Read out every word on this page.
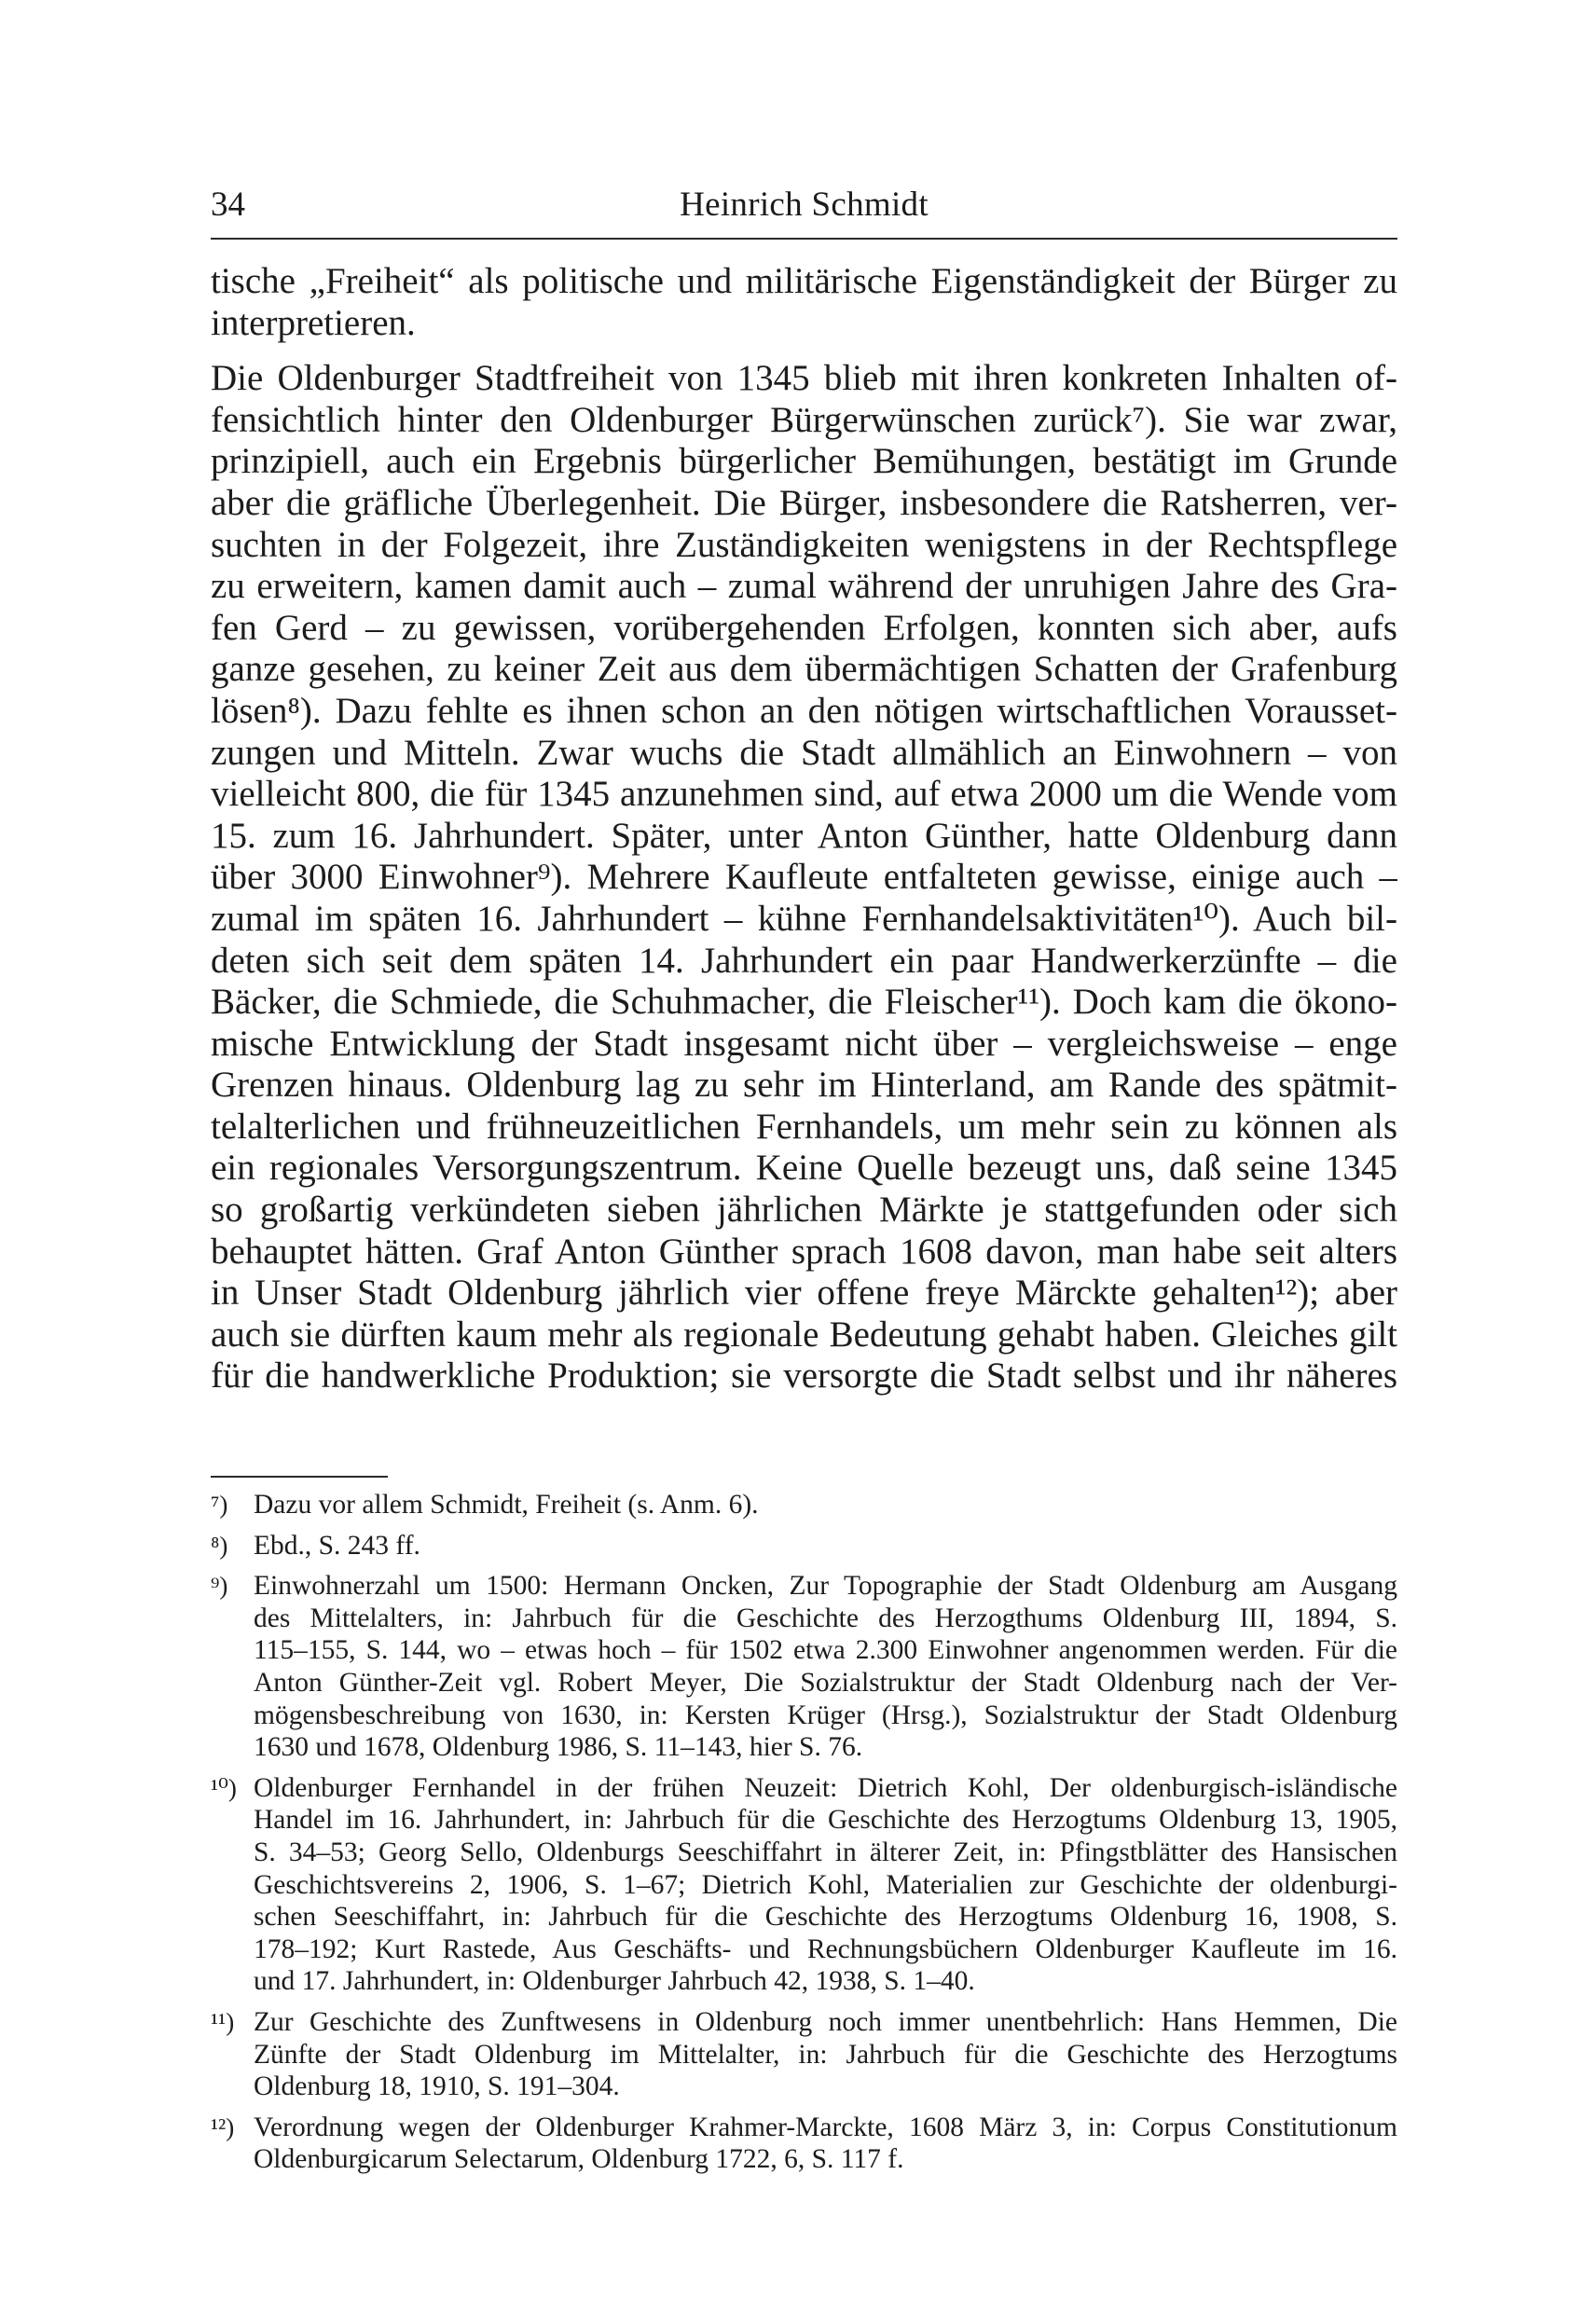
34	Heinrich Schmidt
tische „Freiheit“ als politische und militärische Eigenständigkeit der Bürger zu
interpretieren.
Die Oldenburger Stadtfreiheit von 1345 blieb mit ihren konkreten Inhalten of-
fensichtlich hinter den Oldenburger Bürgerwünschen zurück⁷). Sie war zwar,
prinzipiell, auch ein Ergebnis bürgerlicher Bemühungen, bestätigt im Grunde
aber die gräfliche Überlegenheit. Die Bürger, insbesondere die Ratsherren, ver-
suchten in der Folgezeit, ihre Zuständigkeiten wenigstens in der Rechtspflege
zu erweitern, kamen damit auch – zumal während der unruhigen Jahre des Gra-
fen Gerd – zu gewissen, vorübergehenden Erfolgen, konnten sich aber, aufs
ganze gesehen, zu keiner Zeit aus dem übermächtigen Schatten der Grafenburg
lösen⁸). Dazu fehlte es ihnen schon an den nötigen wirtschaftlichen Vorausset-
zungen und Mitteln. Zwar wuchs die Stadt allmählich an Einwohnern – von
vielleicht 800, die für 1345 anzunehmen sind, auf etwa 2000 um die Wende vom
15. zum 16. Jahrhundert. Später, unter Anton Günther, hatte Oldenburg dann
über 3000 Einwohner⁹). Mehrere Kaufleute entfalteten gewisse, einige auch –
zumal im späten 16. Jahrhundert – kühne Fernhandelsaktivitäten¹⁰). Auch bil-
deten sich seit dem späten 14. Jahrhundert ein paar Handwerkerzünfte – die
Bäcker, die Schmiede, die Schuhmacher, die Fleischer¹¹). Doch kam die ökono-
mische Entwicklung der Stadt insgesamt nicht über – vergleichsweise – enge
Grenzen hinaus. Oldenburg lag zu sehr im Hinterland, am Rande des spätmit-
telalterlichen und frühneuzeitlichen Fernhandels, um mehr sein zu können als
ein regionales Versorgungszentrum. Keine Quelle bezeugt uns, daß seine 1345
so großartig verkündeten sieben jährlichen Märkte je stattgefunden oder sich
behauptet hätten. Graf Anton Günther sprach 1608 davon, man habe seit alters
in Unser Stadt Oldenburg jährlich vier offene freye Märckte gehalten¹²); aber
auch sie dürften kaum mehr als regionale Bedeutung gehabt haben. Gleiches gilt
für die handwerkliche Produktion; sie versorgte die Stadt selbst und ihr näheres
⁷) Dazu vor allem Schmidt, Freiheit (s. Anm. 6).
⁸) Ebd., S. 243 ff.
⁹) Einwohnerzahl um 1500: Hermann Oncken, Zur Topographie der Stadt Oldenburg am Ausgang
des Mittelalters, in: Jahrbuch für die Geschichte des Herzogthums Oldenburg III, 1894, S.
115–155, S. 144, wo – etwas hoch – für 1502 etwa 2.300 Einwohner angenommen werden. Für die
Anton Günther-Zeit vgl. Robert Meyer, Die Sozialstruktur der Stadt Oldenburg nach der Ver-
mögensbeschreibung von 1630, in: Kersten Krüger (Hrsg.), Sozialstruktur der Stadt Oldenburg
1630 und 1678, Oldenburg 1986, S. 11–143, hier S. 76.
¹⁰) Oldenburger Fernhandel in der frühen Neuzeit: Dietrich Kohl, Der oldenburgisch-isländische
Handel im 16. Jahrhundert, in: Jahrbuch für die Geschichte des Herzogtums Oldenburg 13, 1905,
S. 34–53; Georg Sello, Oldenburgs Seeschiffahrt in älterer Zeit, in: Pfingstblätter des Hansischen
Geschichtsvereins 2, 1906, S. 1–67; Dietrich Kohl, Materialien zur Geschichte der oldenburgi-
schen Seeschiffahrt, in: Jahrbuch für die Geschichte des Herzogtums Oldenburg 16, 1908, S.
178–192; Kurt Rastede, Aus Geschäfts- und Rechnungsbüchern Oldenburger Kaufleute im 16.
und 17. Jahrhundert, in: Oldenburger Jahrbuch 42, 1938, S. 1–40.
¹¹) Zur Geschichte des Zunftwesens in Oldenburg noch immer unentbehrlich: Hans Hemmen, Die
Zünfte der Stadt Oldenburg im Mittelalter, in: Jahrbuch für die Geschichte des Herzogtums
Oldenburg 18, 1910, S. 191–304.
¹²) Verordnung wegen der Oldenburger Krahmer-Marckte, 1608 März 3, in: Corpus Constitutionum
Oldenburgicarum Selectarum, Oldenburg 1722, 6, S. 117 f.
